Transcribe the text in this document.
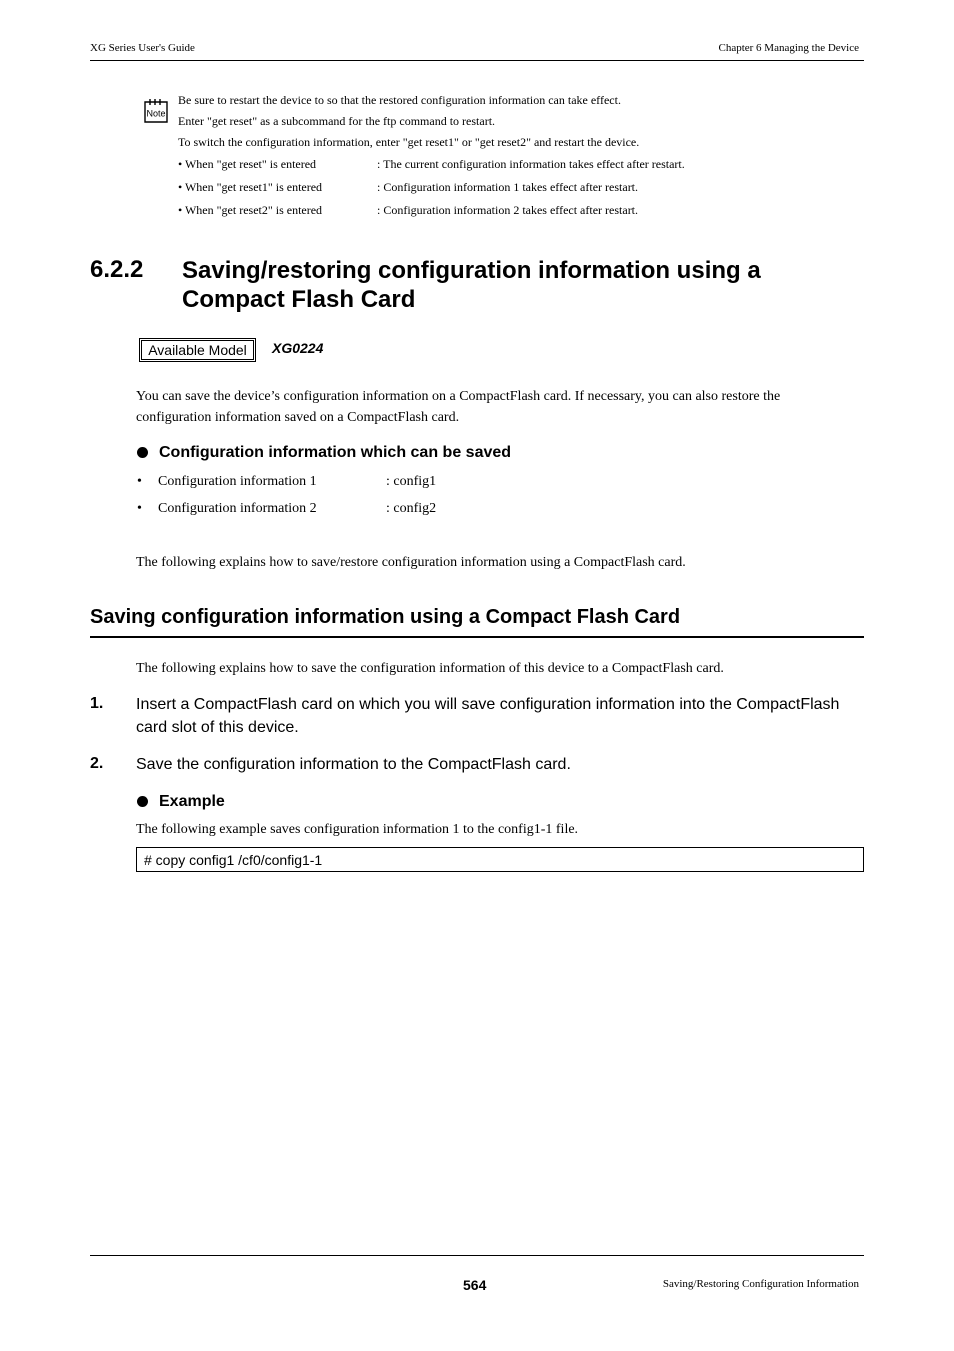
XG Series User's Guide	Chapter 6 Managing the Device
Note
Be sure to restart the device to so that the restored configuration information can take effect.
Enter "get reset" as a subcommand for the ftp command to restart.
To switch the configuration information, enter "get reset1" or "get reset2" and restart the device.
• When "get reset" is entered	: The current configuration information takes effect after restart.
• When "get reset1" is entered	: Configuration information 1 takes effect after restart.
• When "get reset2" is entered	: Configuration information 2 takes effect after restart.
6.2.2 Saving/restoring configuration information using a
Compact Flash Card
Available Model	XG0224
You can save the device’s configuration information on a CompactFlash card. If necessary, you can also restore the configuration information saved on a CompactFlash card.
Configuration information which can be saved
• Configuration information 1	: config1
• Configuration information 2	: config2
The following explains how to save/restore configuration information using a CompactFlash card.
Saving configuration information using a Compact Flash Card
The following explains how to save the configuration information of this device to a CompactFlash card.
1. Insert a CompactFlash card on which you will save configuration information into the CompactFlash card slot of this device.
2. Save the configuration information to the CompactFlash card.
Example
The following example saves configuration information 1 to the config1-1 file.
# copy config1 /cf0/config1-1
564	Saving/Restoring Configuration Information
